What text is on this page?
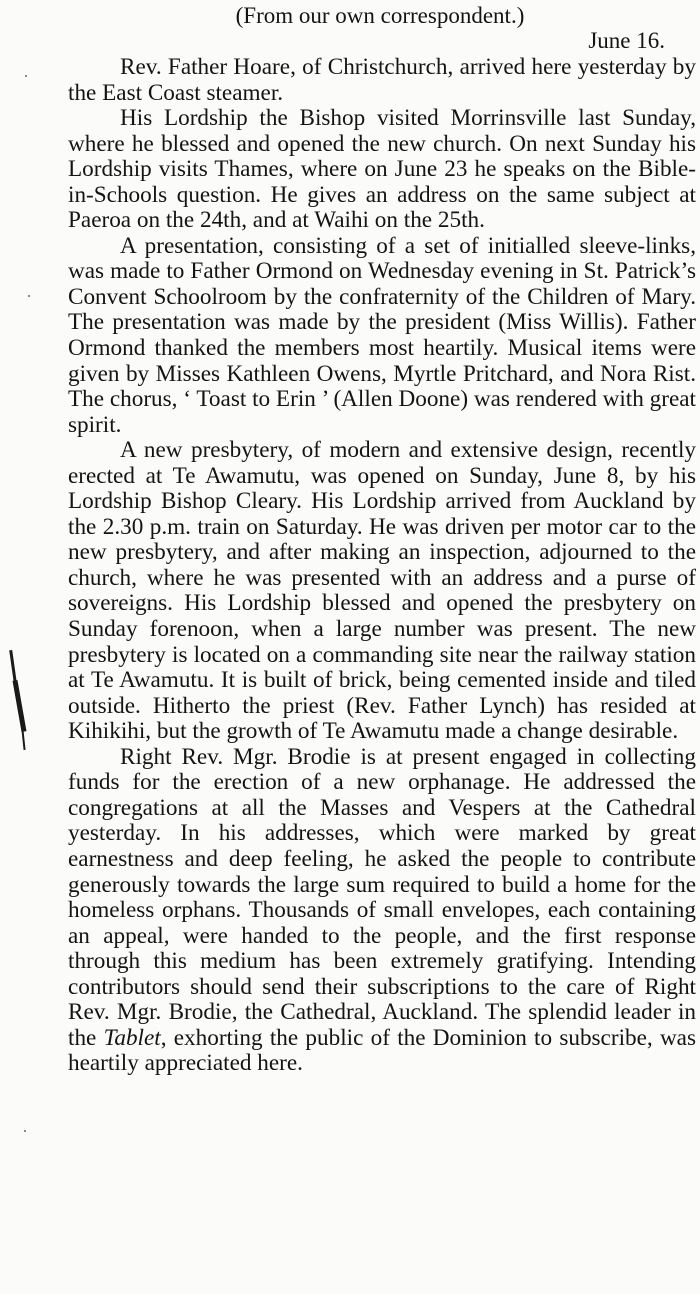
(From our own correspondent.)
June 16.

Rev. Father Hoare, of Christchurch, arrived here yesterday by the East Coast steamer.

His Lordship the Bishop visited Morrinsville last Sunday, where he blessed and opened the new church. On next Sunday his Lordship visits Thames, where on June 23 he speaks on the Bible-in-Schools question. He gives an address on the same subject at Paeroa on the 24th, and at Waihi on the 25th.

A presentation, consisting of a set of initialled sleeve-links, was made to Father Ormond on Wednesday evening in St. Patrick’s Convent Schoolroom by the confraternity of the Children of Mary. The presentation was made by the president (Miss Willis). Father Ormond thanked the members most heartily. Musical items were given by Misses Kathleen Owens, Myrtle Pritchard, and Nora Rist. The chorus, ‘ Toast to Erin ’ (Allen Doone) was rendered with great spirit.

A new presbytery, of modern and extensive design, recently erected at Te Awamutu, was opened on Sunday, June 8, by his Lordship Bishop Cleary. His Lordship arrived from Auckland by the 2.30 p.m. train on Saturday. He was driven per motor car to the new presbytery, and after making an inspection, adjourned to the church, where he was presented with an address and a purse of sovereigns. His Lordship blessed and opened the presbytery on Sunday forenoon, when a large number was present. The new presbytery is located on a commanding site near the railway station at Te Awamutu. It is built of brick, being cemented inside and tiled outside. Hitherto the priest (Rev. Father Lynch) has resided at Kihikihi, but the growth of Te Awamutu made a change desirable.

Right Rev. Mgr. Brodie is at present engaged in collecting funds for the erection of a new orphanage. He addressed the congregations at all the Masses and Vespers at the Cathedral yesterday. In his addresses, which were marked by great earnestness and deep feeling, he asked the people to contribute generously towards the large sum required to build a home for the homeless orphans. Thousands of small envelopes, each containing an appeal, were handed to the people, and the first response through this medium has been extremely gratifying. Intending contributors should send their subscriptions to the care of Right Rev. Mgr. Brodie, the Cathedral, Auckland. The splendid leader in the Tablet, exhorting the public of the Dominion to subscribe, was heartily appreciated here.
